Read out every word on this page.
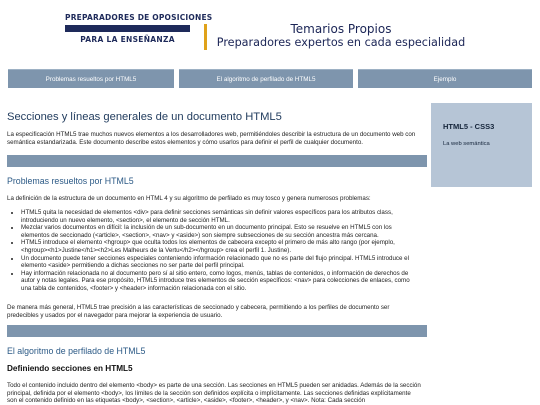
PREPARADORES DE OPOSICIONES
PARA LA ENSEÑANZA
Temarios Propios
Preparadores expertos en cada especialidad
Problemas resueltos por HTML5	El algoritmo de perfilado de HTML5	Ejemplo
Secciones y líneas generales de un documento HTML5
La especificación HTML5 trae muchos nuevos elementos a los desarrolladores web, permitiéndoles describir la estructura de un documento web con semántica estandarizada. Este documento describe estos elementos y cómo usarlos para definir el perfil de cualquier documento.
Problemas resueltos por HTML5
La definición de la estructura de un documento en HTML 4 y su algoritmo de perfilado es muy tosco y genera numerosos problemas:
• HTML5 quita la necesidad de elementos <div> para definir secciones semánticas sin definir valores específicos para los atributos class, introduciendo un nuevo elemento, <section>, el elemento de sección HTML.
• Mezclar varios documentos en difícil: la inclusión de un sub-documento en un documento principal. Esto se resuelve en HTML5 con los elementos de seccionado (<article>, <section>, <nav> y <aside>) son siempre subsecciones de su sección ancestra más cercana.
• HTML5 introduce el elemento <hgroup> que oculta todos los elementos de cabecera excepto el primero de más alto rango (por ejemplo, <hgroup><h1>Justine</h1><h2>Les Malheurs de la Vertu</h2></hgroup> crea el perfil 1. Justine).
• Un documento puede tener secciones especiales conteniendo información relacionado que no es parte del flujo principal. HTML5 introduce el elemento <aside> permitiendo a dichas secciones no ser parte del perfil principal.
• Hay información relacionada no al documento pero sí al sitio entero, como logos, menús, tablas de contenidos, o información de derechos de autor y notas legales. Para ese propósito, HTML5 introduce tres elementos de sección específicos: <nav> para colecciones de enlaces, como una tabla de contenidos, <footer> y <header> información relacionada con el sitio.
De manera más general, HTML5 trae precisión a las características de seccionado y cabecera, permitiendo a los perfiles de documento ser predecibles y usados por el navegador para mejorar la experiencia de usuario.
El algoritmo de perfilado de HTML5
Definiendo secciones en HTML5
Todo el contenido incluido dentro del elemento <body> es parte de una sección. Las secciones en HTML5 pueden ser anidadas. Además de la sección principal, definida por el elemento <body>, los límites de la sección son definidos explícita o implícitamente. Las secciones definidas explícitamente son el contenido definido en las etiquetas <body>, <section>, <article>, <aside>, <footer>, <header>, y <nav>. Nota: Cada sección
HTML5 - CSS3
La web semántica
